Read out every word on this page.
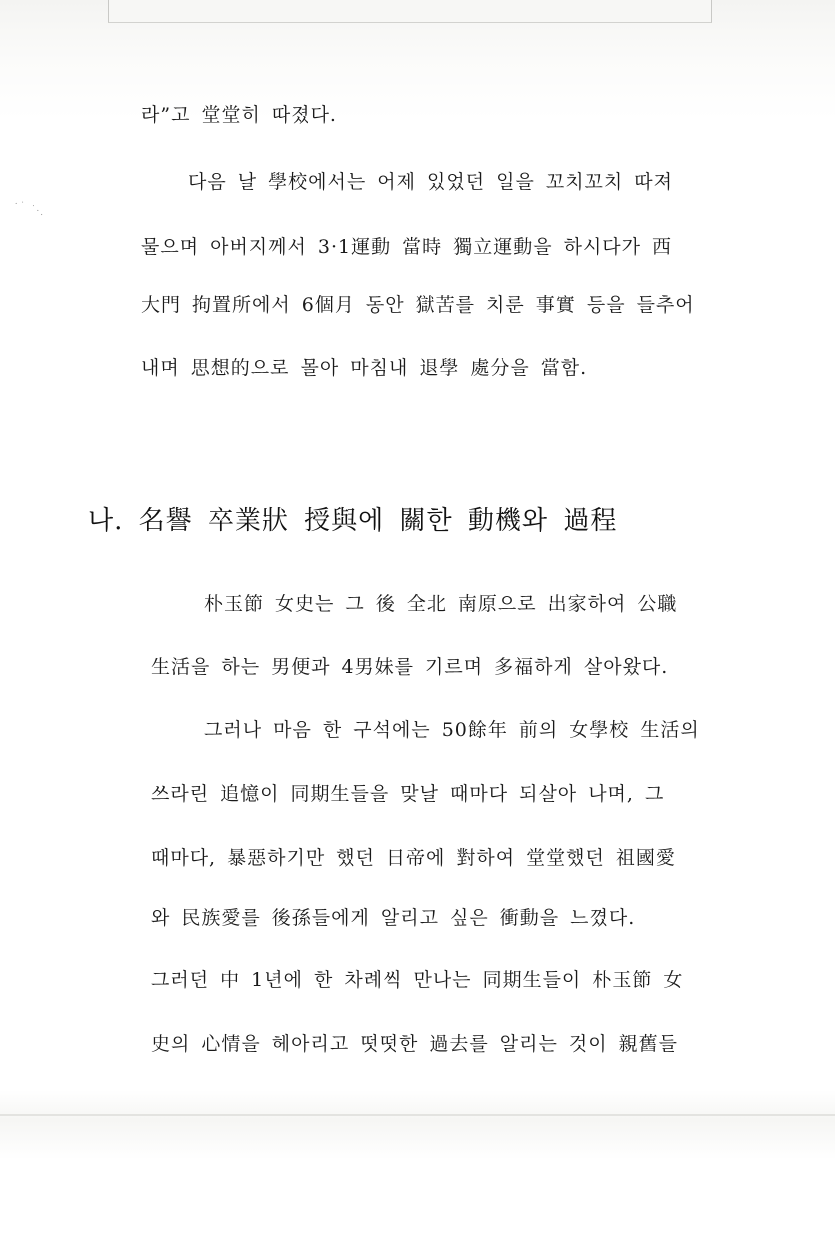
·˙ ˙·.
라”고 堂堂히 따졌다.
다음 날 學校에서는 어제 있었던 일을 꼬치꼬치 따져
물으며 아버지께서 3·1運動 當時 獨立運動을 하시다가 西
大門 拘置所에서 6個月 동안 獄苦를 치룬 事實 등을 들추어
내며 思想的으로 몰아 마침내 退學 處分을 當함.
나. 名譽 卒業狀 授與에 關한 動機와 過程
朴玉節 女史는 그 後 全北 南原으로 出家하여 公職
生活을 하는 男便과 4男妹를 기르며 多福하게 살아왔다.
그러나 마음 한 구석에는 50餘年 前의 女學校 生活의
쓰라린 追憶이 同期生들을 맞날 때마다 되살아 나며, 그
때마다, 暴惡하기만 했던 日帝에 對하여 堂堂했던 祖國愛
와 民族愛를 後孫들에게 알리고 싶은 衝動을 느꼈다.
그러던 中 1년에 한 차례씩 만나는 同期生들이 朴玉節 女
史의 心情을 헤아리고 떳떳한 過去를 알리는 것이 親舊들
